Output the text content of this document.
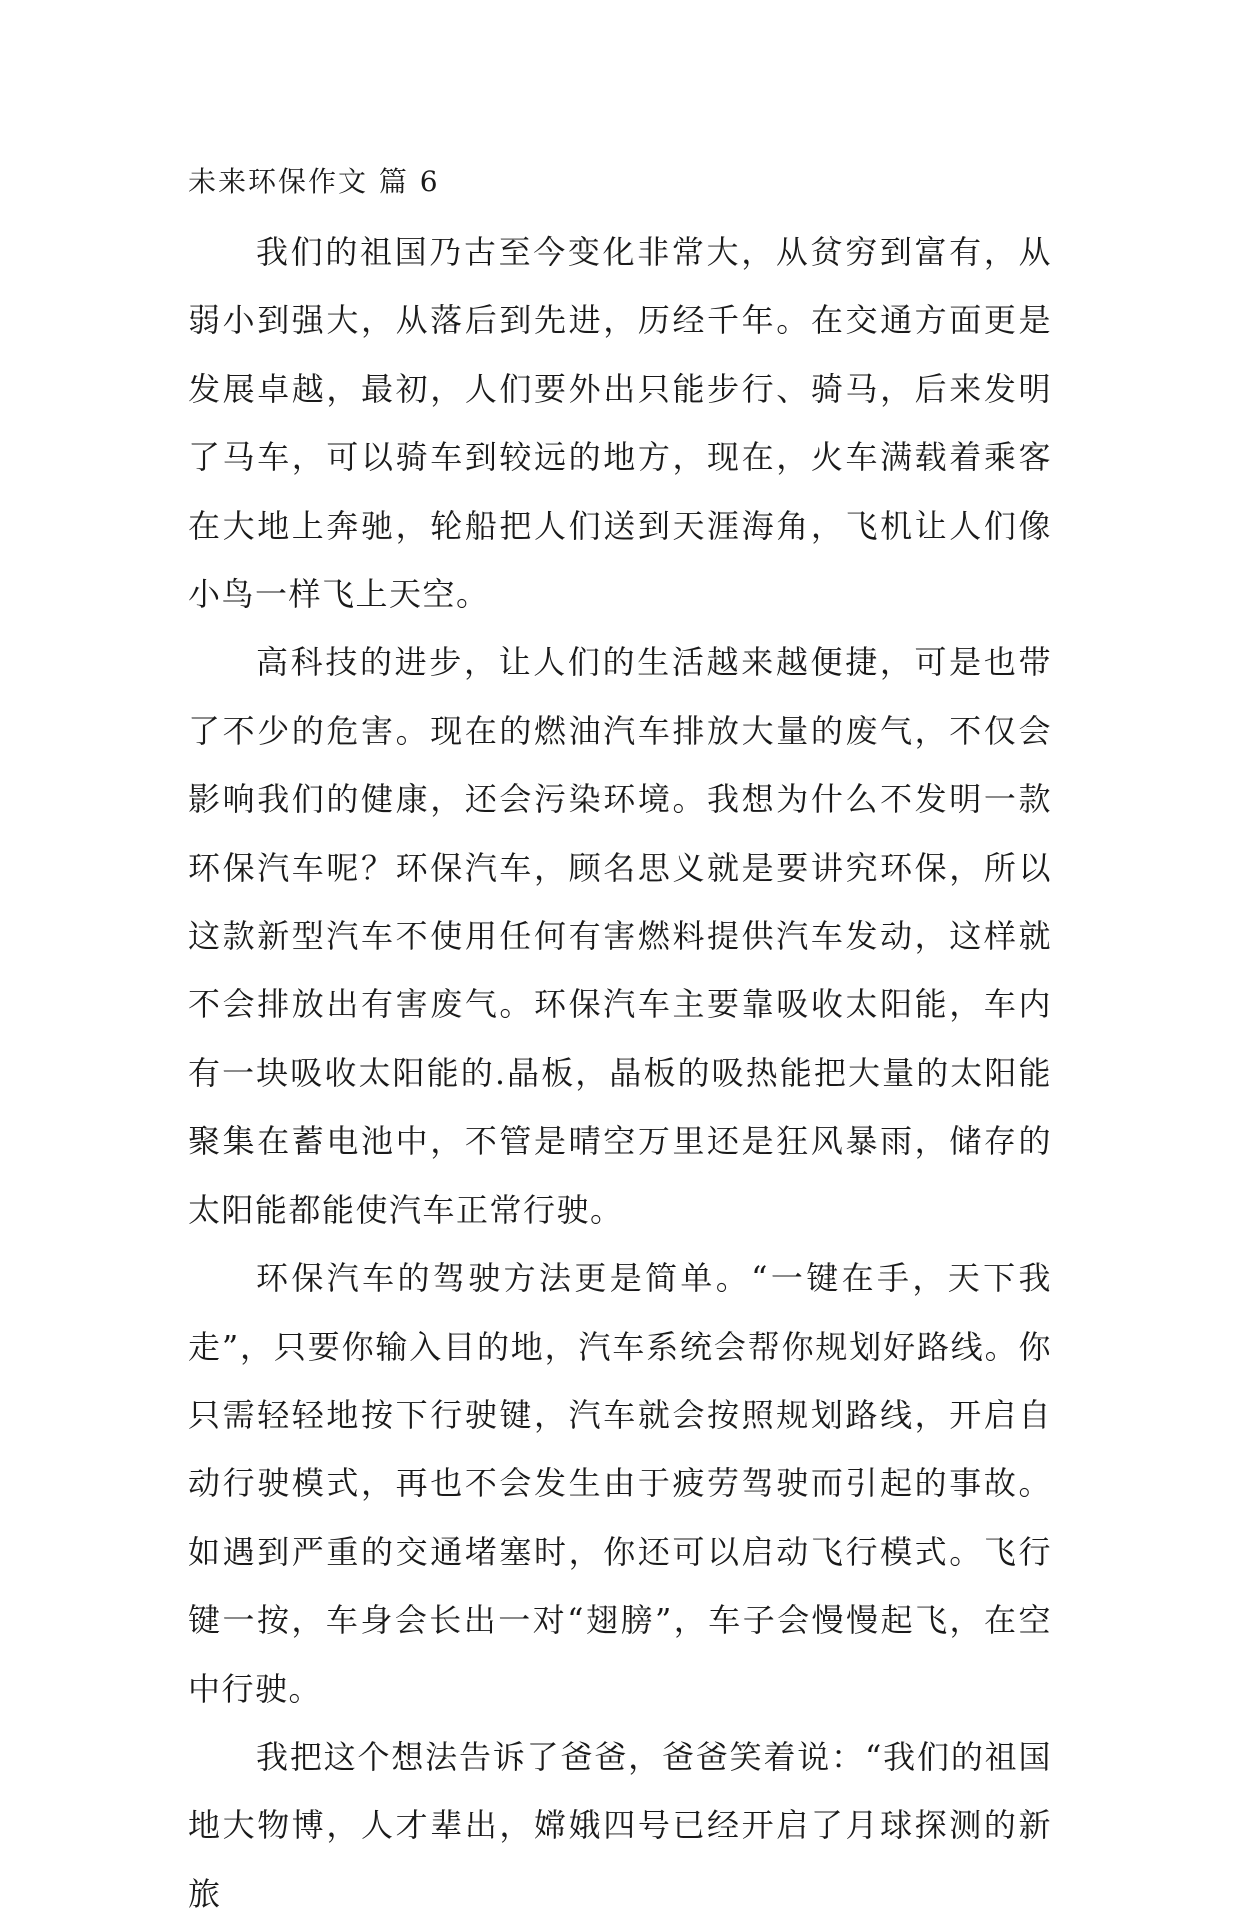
未来环保作文 篇 6

我们的祖国乃古至今变化非常大，从贫穷到富有，从弱小到强大，从落后到先进，历经千年。在交通方面更是发展卓越，最初，人们要外出只能步行、骑马，后来发明了马车，可以骑车到较远的地方，现在，火车满载着乘客在大地上奔驰，轮船把人们送到天涯海角，飞机让人们像小鸟一样飞上天空。

高科技的进步，让人们的生活越来越便捷，可是也带了不少的危害。现在的燃油汽车排放大量的废气，不仅会影响我们的健康，还会污染环境。我想为什么不发明一款环保汽车呢？环保汽车，顾名思义就是要讲究环保，所以这款新型汽车不使用任何有害燃料提供汽车发动，这样就不会排放出有害废气。环保汽车主要靠吸收太阳能，车内有一块吸收太阳能的.晶板，晶板的吸热能把大量的太阳能聚集在蓄电池中，不管是晴空万里还是狂风暴雨，储存的太阳能都能使汽车正常行驶。

环保汽车的驾驶方法更是简单。“一键在手，天下我走”，只要你输入目的地，汽车系统会帮你规划好路线。你只需轻轻地按下行驶键，汽车就会按照规划路线，开启自动行驶模式，再也不会发生由于疲劳驾驶而引起的事故。如遇到严重的交通堵塞时，你还可以启动飞行模式。飞行键一按，车身会长出一对“翅膀”，车子会慢慢起飞，在空中行驶。

我把这个想法告诉了爸爸，爸爸笑着说：“我们的祖国地大物博，人才辈出，嫦娥四号已经开启了月球探测的新旅
